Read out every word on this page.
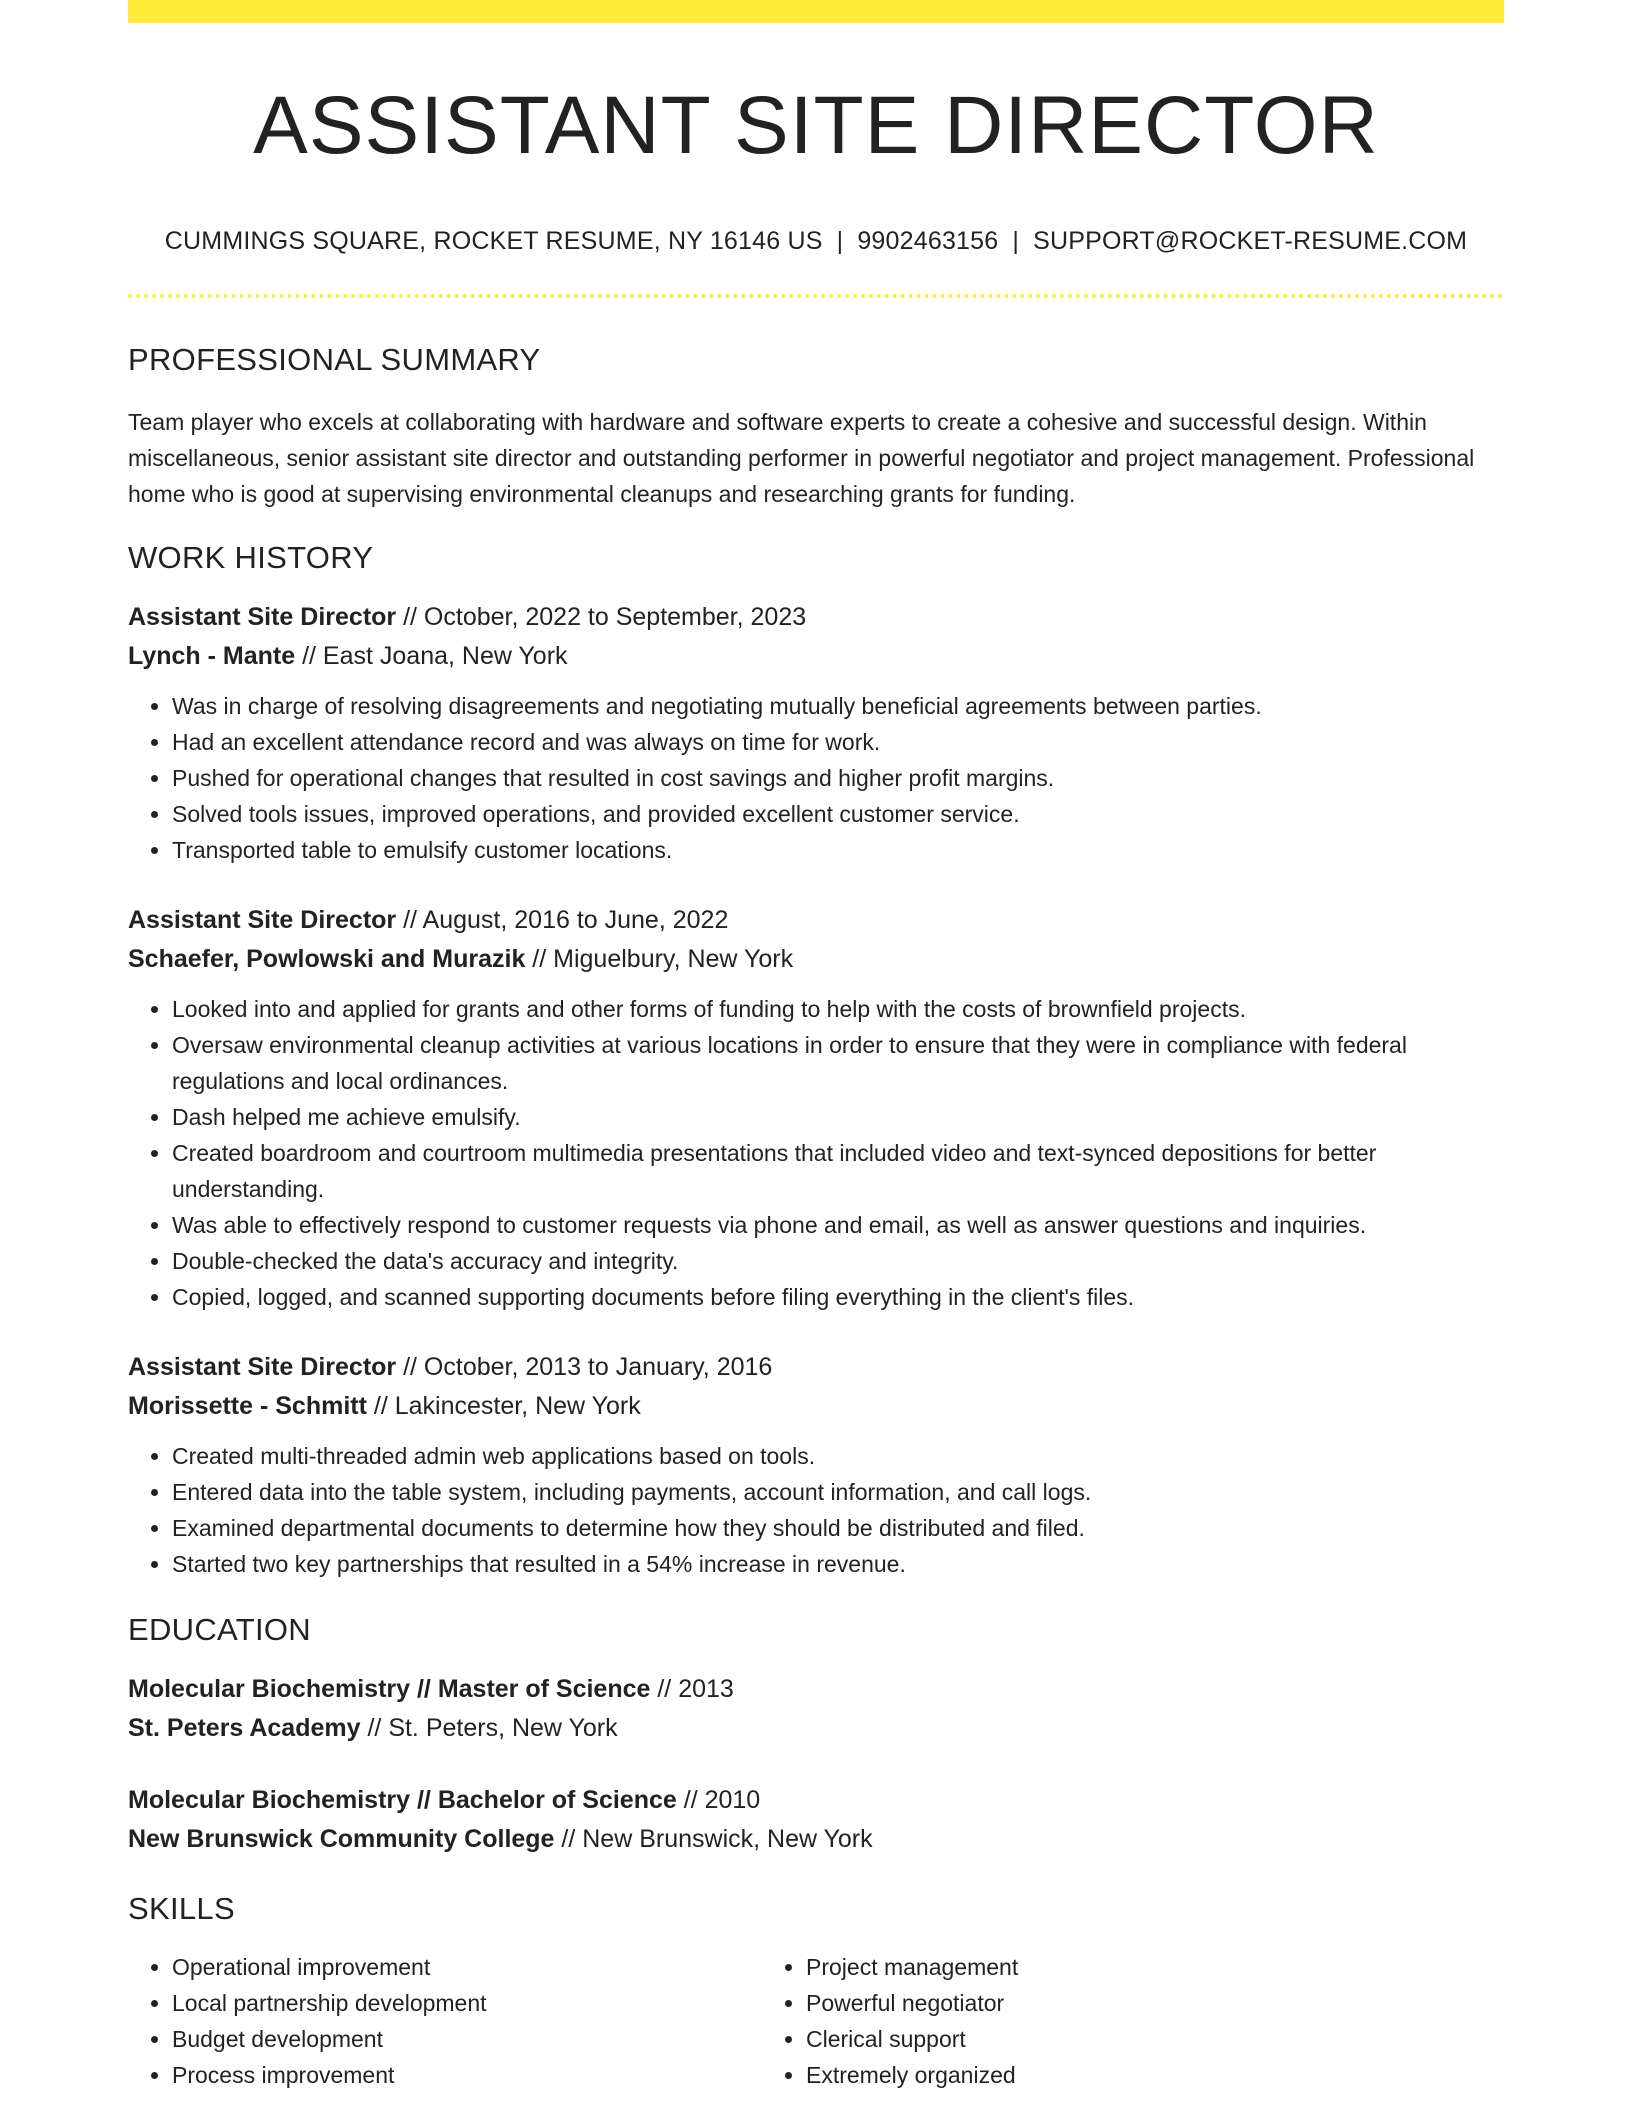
ASSISTANT SITE DIRECTOR
CUMMINGS SQUARE, ROCKET RESUME, NY 16146 US | 9902463156 | SUPPORT@ROCKET-RESUME.COM
PROFESSIONAL SUMMARY
Team player who excels at collaborating with hardware and software experts to create a cohesive and successful design. Within miscellaneous, senior assistant site director and outstanding performer in powerful negotiator and project management. Professional home who is good at supervising environmental cleanups and researching grants for funding.
WORK HISTORY
Assistant Site Director // October, 2022 to September, 2023
Lynch - Mante // East Joana, New York
• Was in charge of resolving disagreements and negotiating mutually beneficial agreements between parties.
• Had an excellent attendance record and was always on time for work.
• Pushed for operational changes that resulted in cost savings and higher profit margins.
• Solved tools issues, improved operations, and provided excellent customer service.
• Transported table to emulsify customer locations.
Assistant Site Director // August, 2016 to June, 2022
Schaefer, Powlowski and Murazik // Miguelbury, New York
• Looked into and applied for grants and other forms of funding to help with the costs of brownfield projects.
• Oversaw environmental cleanup activities at various locations in order to ensure that they were in compliance with federal regulations and local ordinances.
• Dash helped me achieve emulsify.
• Created boardroom and courtroom multimedia presentations that included video and text-synced depositions for better understanding.
• Was able to effectively respond to customer requests via phone and email, as well as answer questions and inquiries.
• Double-checked the data's accuracy and integrity.
• Copied, logged, and scanned supporting documents before filing everything in the client's files.
Assistant Site Director // October, 2013 to January, 2016
Morissette - Schmitt // Lakincester, New York
• Created multi-threaded admin web applications based on tools.
• Entered data into the table system, including payments, account information, and call logs.
• Examined departmental documents to determine how they should be distributed and filed.
• Started two key partnerships that resulted in a 54% increase in revenue.
EDUCATION
Molecular Biochemistry // Master of Science // 2013
St. Peters Academy // St. Peters, New York
Molecular Biochemistry // Bachelor of Science // 2010
New Brunswick Community College // New Brunswick, New York
SKILLS
• Operational improvement
• Local partnership development
• Budget development
• Process improvement
• Project management
• Powerful negotiator
• Clerical support
• Extremely organized
